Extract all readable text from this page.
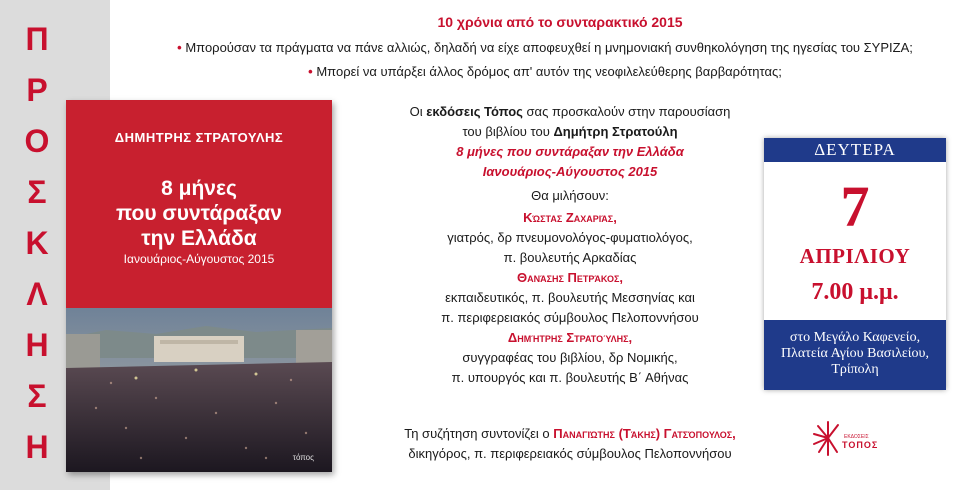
Π
Ρ
Ο
Σ
Κ
Λ
Η
Σ
Η
ΔΗΜΗΤΡΗΣ ΣΤΡΑΤΟΥΛΗΣ
8 μήνες
που συντάραξαν
την Ελλάδα
Ιανουάριος-Αύγουστος 2015
τόπος
10 χρόνια από το συνταρακτικό 2015
• Μπορούσαν τα πράγματα να πάνε αλλιώς, δηλαδή να είχε αποφευχθεί η μνημονιακή συνθηκολόγηση της ηγεσίας του ΣΥΡΙΖΑ;
• Μπορεί να υπάρξει άλλος δρόμος απ' αυτόν της νεοφιλελεύθερης βαρβαρότητας;
Οι εκδόσεις Τόπος σας προσκαλούν στην παρουσίαση
του βιβλίου του Δημήτρη Στρατούλη
8 μήνες που συντάραξαν την Ελλάδα
Ιανουάριος-Αύγουστος 2015
Θα μιλήσουν:
Κώστας Ζαχαριάς,
γιατρός, δρ πνευμονολόγος-φυματιολόγος,
π. βουλευτής Αρκαδίας
Θανάσης Πετράκος,
εκπαιδευτικός, π. βουλευτής Μεσσηνίας και
π. περιφερειακός σύμβουλος Πελοποννήσου
Δημήτρης Στρατούλης,
συγγραφέας του βιβλίου, δρ Νομικής,
π. υπουργός και π. βουλευτής Β΄ Αθήνας
Τη συζήτηση συντονίζει ο Παναγιώτης (Τάκης) Γατσόπουλος,
δικηγόρος, π. περιφερειακός σύμβουλος Πελοποννήσου
ΔΕΥΤΕΡΑ
7
ΑΠΡΙΛΙΟΥ
7.00 μ.μ.
στο Μεγάλο Καφενείο,
Πλατεία Αγίου Βασιλείου,
Τρίπολη
ΕΚΔΟΣΕΙΣ
ΤΟΠΟΣ
